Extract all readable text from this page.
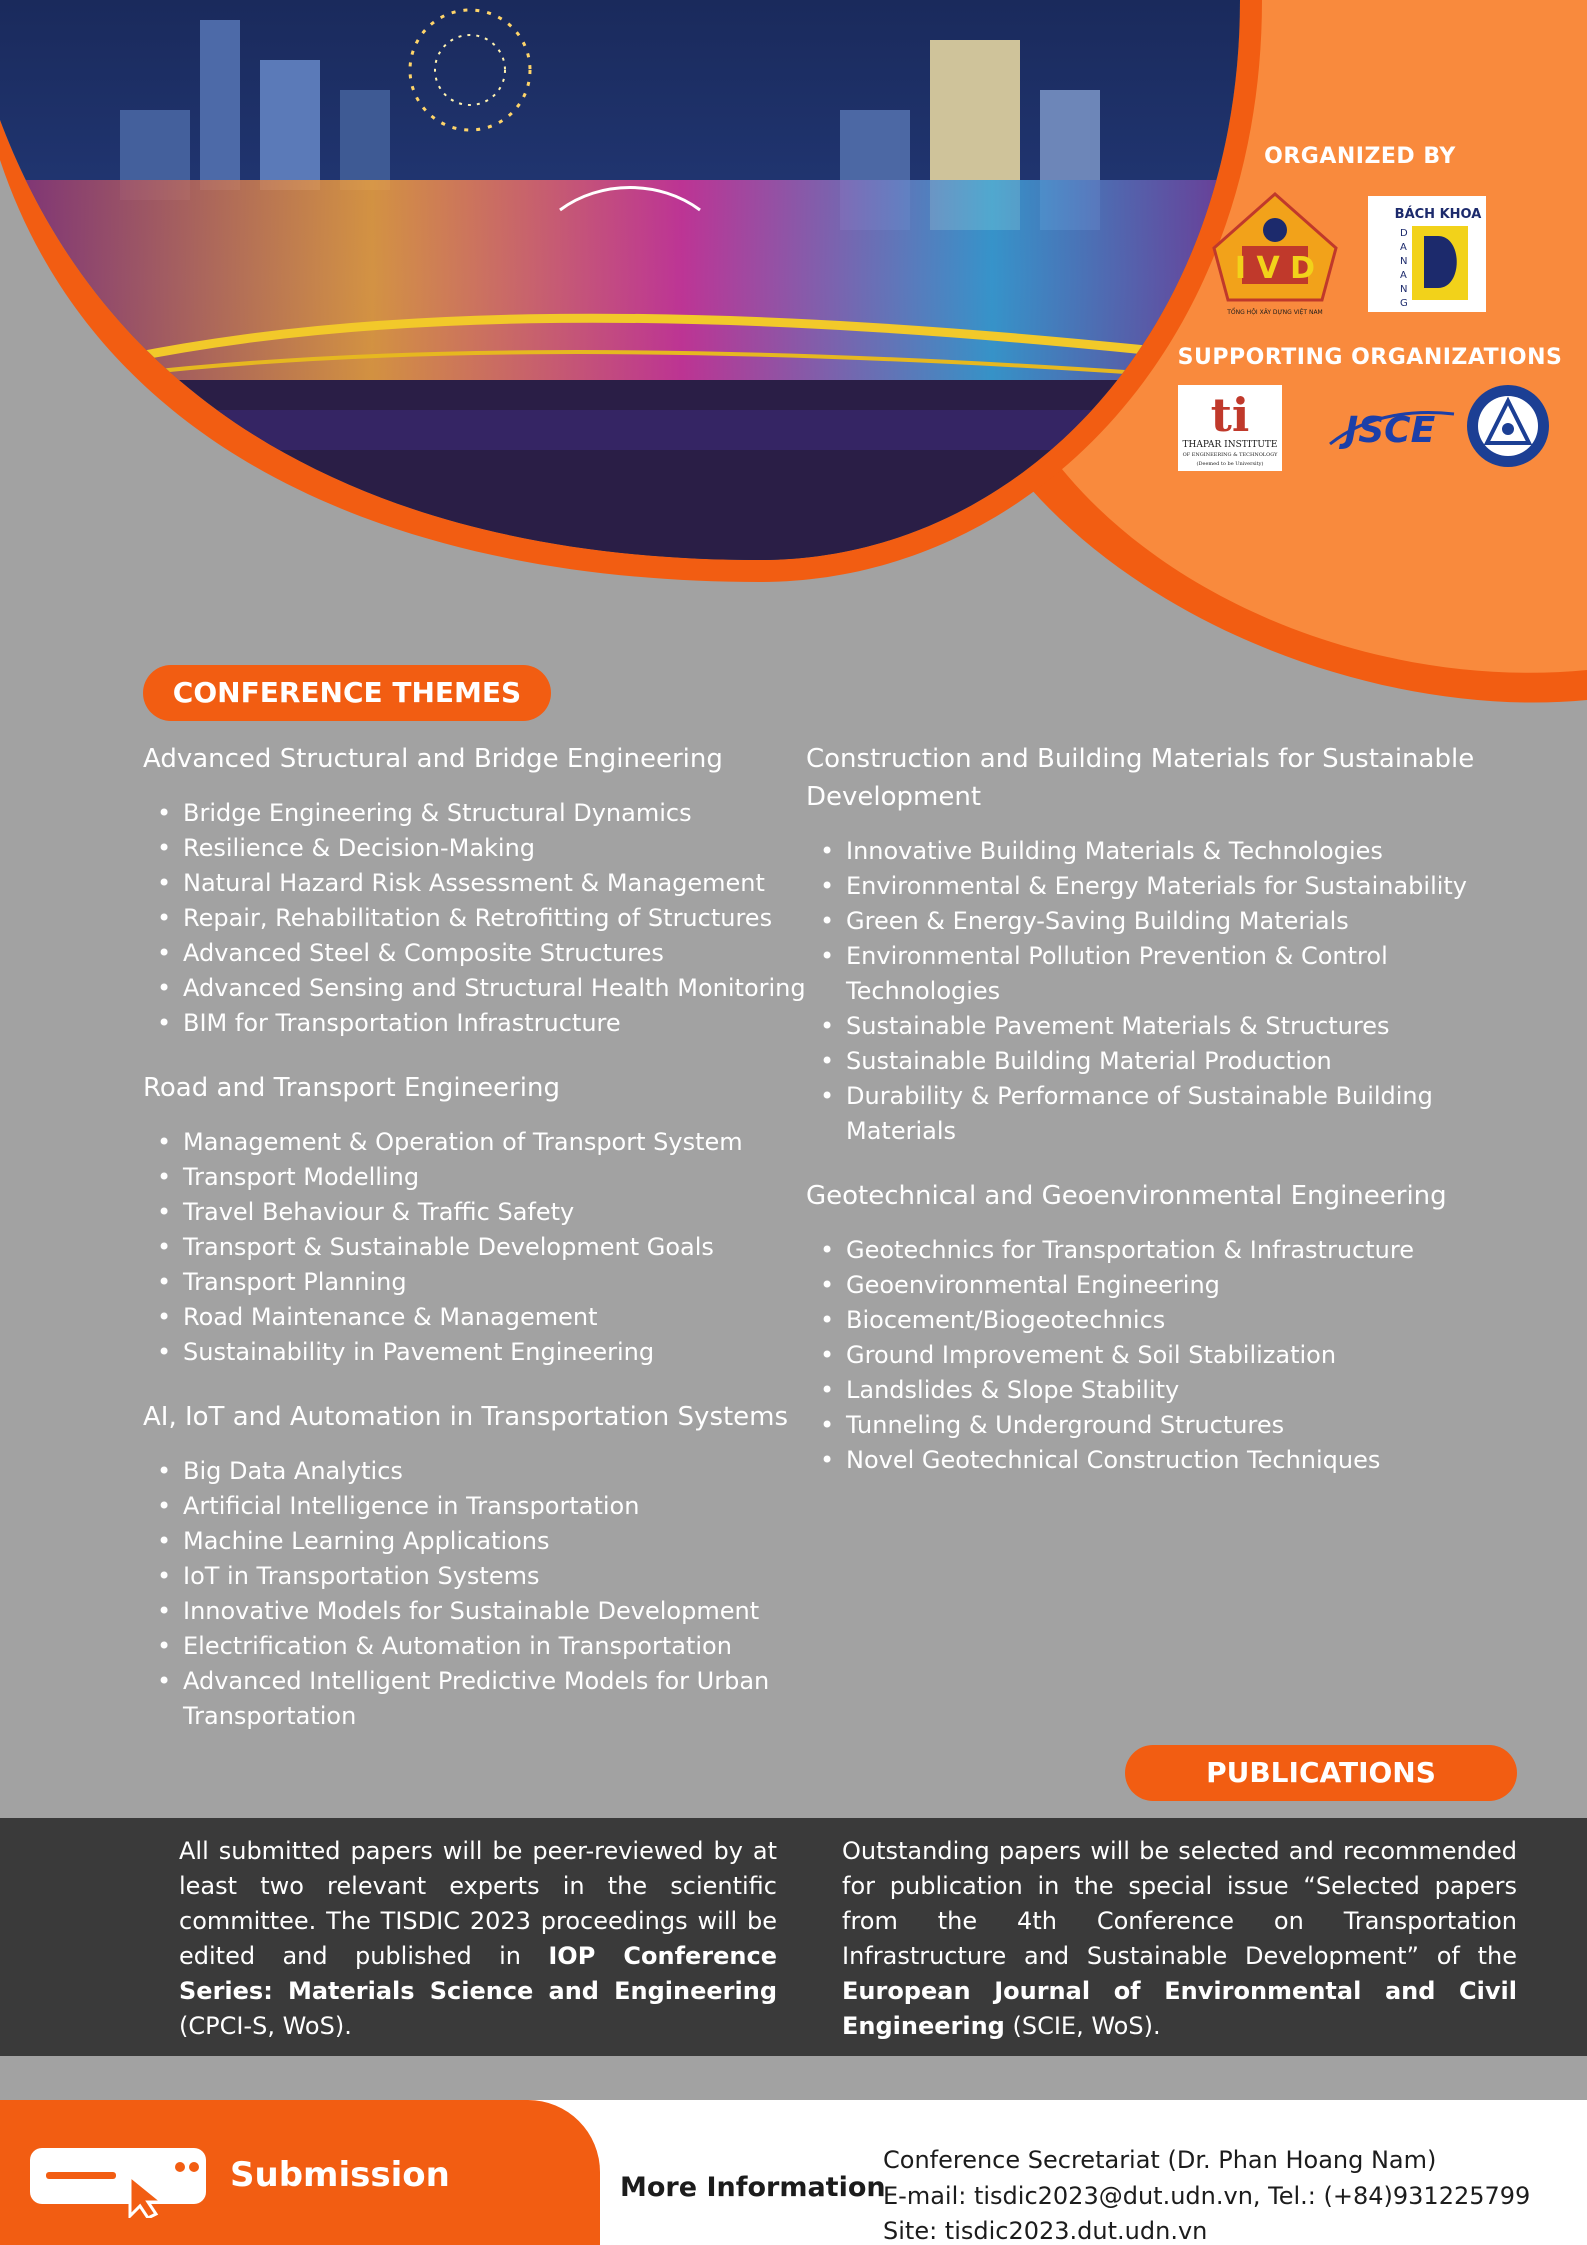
ORGANIZED BY
I V D
TỔNG HỘI XÂY DỰNG VIỆT NAM
BÁCH KHOA
D
A
N
A
N
G
SUPPORTING ORGANIZATIONS
ti
THAPAR INSTITUTE
OF ENGINEERING & TECHNOLOGY
(Deemed to be University)
JSCE
CONFERENCE THEMES
Advanced Structural and Bridge Engineering
• Bridge Engineering & Structural Dynamics
• Resilience & Decision-Making
• Natural Hazard Risk Assessment & Management
• Repair, Rehabilitation & Retrofitting of Structures
• Advanced Steel & Composite Structures
• Advanced Sensing and Structural Health Monitoring
• BIM for Transportation Infrastructure
Road and Transport Engineering
• Management & Operation of Transport System
• Transport Modelling
• Travel Behaviour & Traffic Safety
• Transport & Sustainable Development Goals
• Transport Planning
• Road Maintenance & Management
• Sustainability in Pavement Engineering
AI, IoT and Automation in Transportation Systems
• Big Data Analytics
• Artificial Intelligence in Transportation
• Machine Learning Applications
• IoT in Transportation Systems
• Innovative Models for Sustainable Development
• Electrification & Automation in Transportation
• Advanced Intelligent Predictive Models for Urban Transportation
Construction and Building Materials for Sustainable Development
• Innovative Building Materials & Technologies
• Environmental & Energy Materials for Sustainability
• Green & Energy-Saving Building Materials
• Environmental Pollution Prevention & Control Technologies
• Sustainable Pavement Materials & Structures
• Sustainable Building Material Production
• Durability & Performance of Sustainable Building Materials
Geotechnical and Geoenvironmental Engineering
• Geotechnics for Transportation & Infrastructure
• Geoenvironmental Engineering
• Biocement/Biogeotechnics
• Ground Improvement & Soil Stabilization
• Landslides & Slope Stability
• Tunneling & Underground Structures
• Novel Geotechnical Construction Techniques
PUBLICATIONS

All submitted papers will be peer-reviewed by at least two relevant experts in the scientific committee. The TISDIC 2023 proceedings will be edited and published in IOP Conference Series: Materials Science and Engineering (CPCI-S, WoS).

Outstanding papers will be selected and recommended for publication in the special issue “Selected papers from the 4th Conference on Transportation Infrastructure and Sustainable Development” of the European Journal of Environmental and Civil Engineering (SCIE, WoS).

Submission	More Information
Conference Secretariat (Dr. Phan Hoang Nam)
E-mail: tisdic2023@dut.udn.vn, Tel.: (+84)931225799
Site: tisdic2023.dut.udn.vn
